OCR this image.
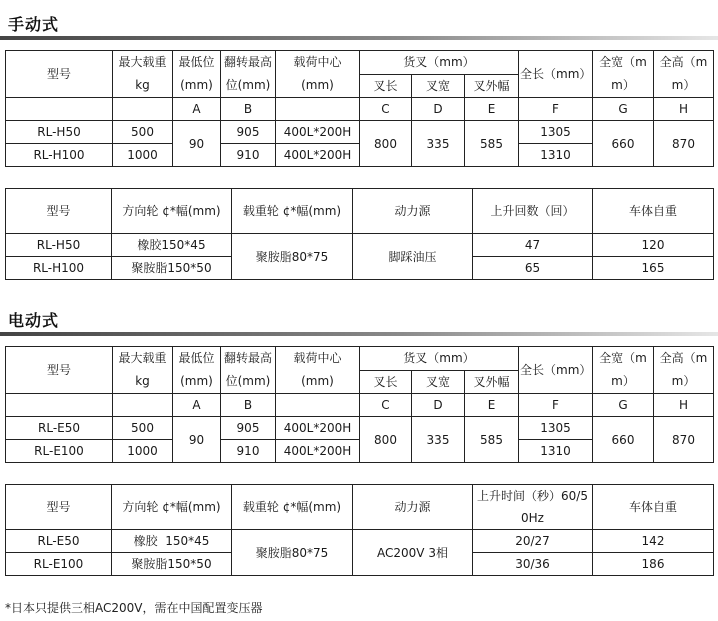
手动式
型号	最大载重 kg	最低位 (mm)	翻转最高 位(mm)	载荷中心 (mm)	货叉（mm）			全长（mm）	全宽（m m）	全高（m m）
					叉长	叉宽	叉外幅			
		A	B		C	D	E	F	G	H
RL-H50	500	90	905	400L*200H	800	335	585	1305	660	870
RL-H100	1000		910	400L*200H				1310		
型号	方向轮 ¢*幅(mm)	载重轮 ¢*幅(mm)	动力源	上升回数（回）	车体自重
RL-H50	橡胶150*45	聚胺脂80*75	脚踩油压	47	120
RL-H100	聚胺脂150*50			65	165
电动式
型号	最大载重 kg	最低位 (mm)	翻转最高 位(mm)	载荷中心 (mm)	货叉（mm）			全长（mm）	全宽（m m）	全高（m m）
					叉长	叉宽	叉外幅			
		A	B		C	D	E	F	G	H
RL-E50	500	90	905	400L*200H	800	335	585	1305	660	870
RL-E100	1000		910	400L*200H				1310		
型号	方向轮 ¢*幅(mm)	载重轮 ¢*幅(mm)	动力源	上升时间（秒）60/5 0Hz	车体自重
RL-E50	橡胶  150*45	聚胺脂80*75	AC200V 3相	20/27	142
RL-E100	聚胺脂150*50			30/36	186
*日本只提供三相AC200V，需在中国配置变压器
